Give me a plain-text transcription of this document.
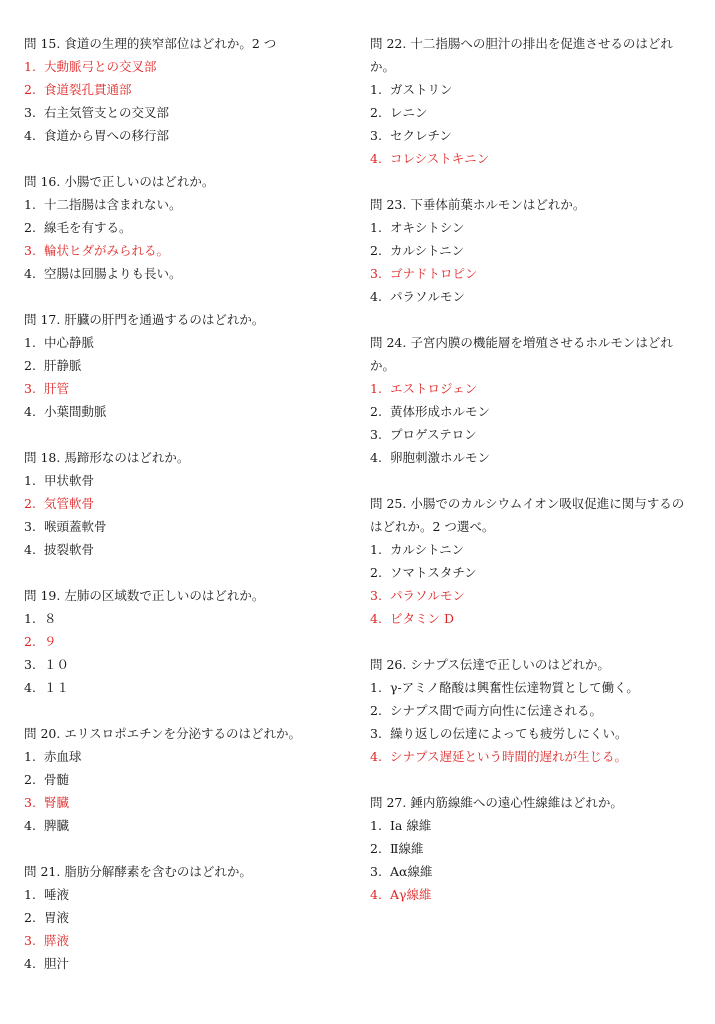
問 15. 食道の生理的狭窄部位はどれか。2 つ
1. 大動脈弓との交叉部
2. 食道裂孔貫通部
3. 右主気管支との交叉部
4. 食道から胃への移行部
問 16. 小腸で正しいのはどれか。
1. 十二指腸は含まれない。
2. 線毛を有する。
3. 輪状ヒダがみられる。
4. 空腸は回腸よりも長い。
問 17. 肝臓の肝門を通過するのはどれか。
1. 中心静脈
2. 肝静脈
3. 肝管
4. 小葉間動脈
問 18. 馬蹄形なのはどれか。
1. 甲状軟骨
2. 気管軟骨
3. 喉頭蓋軟骨
4. 披裂軟骨
問 19. 左肺の区域数で正しいのはどれか。
1. ８
2. ９
3. １０
4. １１
問 20. エリスロポエチンを分泌するのはどれか。
1. 赤血球
2. 骨髄
3. 腎臓
4. 脾臓
問 21. 脂肪分解酵素を含むのはどれか。
1. 唾液
2. 胃液
3. 膵液
4. 胆汁
問 22. 十二指腸への胆汁の排出を促進させるのはどれか。
1. ガストリン
2. レニン
3. セクレチン
4. コレシストキニン
問 23. 下垂体前葉ホルモンはどれか。
1. オキシトシン
2. カルシトニン
3. ゴナドトロピン
4. パラソルモン
問 24. 子宮内膜の機能層を増殖させるホルモンはどれか。
1. エストロジェン
2. 黄体形成ホルモン
3. プロゲステロン
4. 卵胞刺激ホルモン
問 25. 小腸でのカルシウムイオン吸収促進に関与するのはどれか。2 つ選べ。
1. カルシトニン
2. ソマトスタチン
3. パラソルモン
4. ビタミン D
問 26. シナプス伝達で正しいのはどれか。
1. γ-アミノ酪酸は興奮性伝達物質として働く。
2. シナプス間で両方向性に伝達される。
3. 繰り返しの伝達によっても疲労しにくい。
4. シナプス遅延という時間的遅れが生じる。
問 27. 錘内筋線維への遠心性線維はどれか。
1. Ⅰa 線維
2. Ⅱ線維
3. Aα線維
4. Aγ線維
